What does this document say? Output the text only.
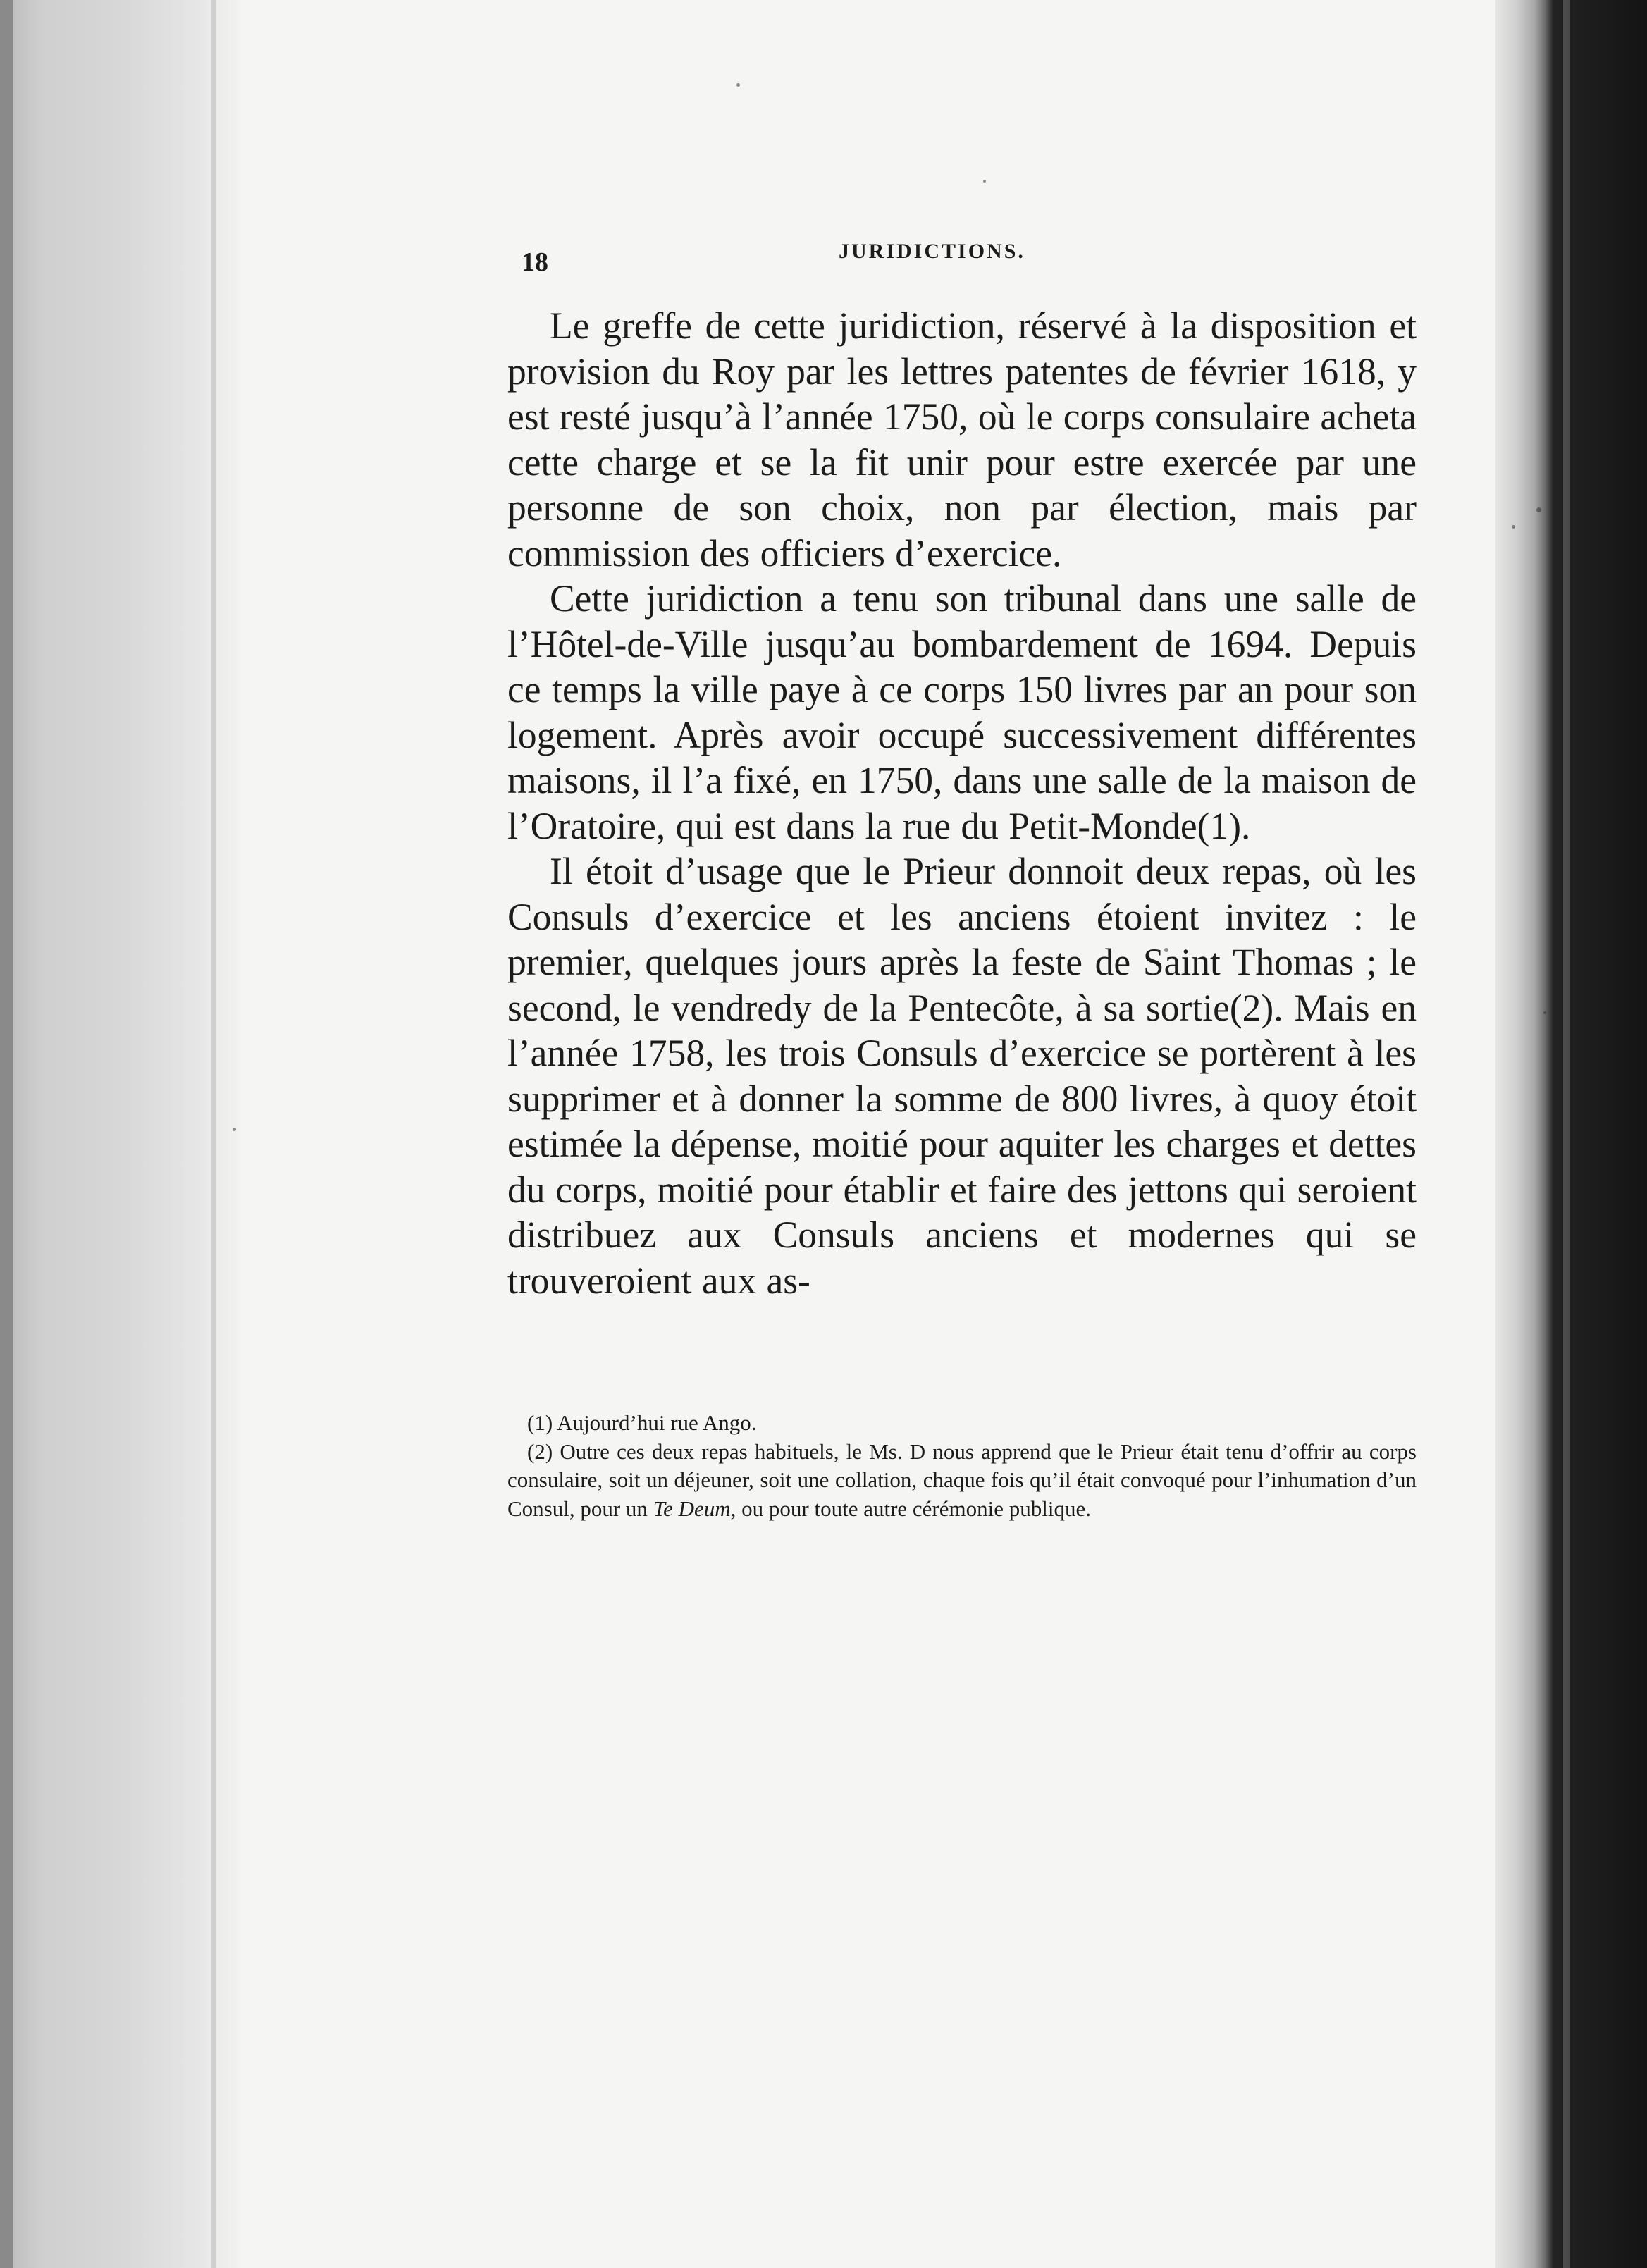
18	JURIDICTIONS.

Le greffe de cette juridiction, réservé à la disposition et provision du Roy par les lettres patentes de février 1618, y est resté jusqu’à l’année 1750, où le corps consulaire acheta cette charge et se la fit unir pour estre exercée par une personne de son choix, non par élection, mais par commission des officiers d’exercice.

Cette juridiction a tenu son tribunal dans une salle de l’Hôtel-de-Ville jusqu’au bombardement de 1694. Depuis ce temps la ville paye à ce corps 150 livres par an pour son logement. Après avoir occupé successivement différentes maisons, il l’a fixé, en 1750, dans une salle de la maison de l’Oratoire, qui est dans la rue du Petit-Monde(1).

Il étoit d’usage que le Prieur donnoit deux repas, où les Consuls d’exercice et les anciens étoient invitez : le premier, quelques jours après la feste de Saint Thomas ; le second, le vendredy de la Pentecôte, à sa sortie(2). Mais en l’année 1758, les trois Consuls d’exercice se portèrent à les supprimer et à donner la somme de 800 livres, à quoy étoit estimée la dépense, moitié pour aquiter les charges et dettes du corps, moitié pour établir et faire des jettons qui seroient distribuez aux Consuls anciens et modernes qui se trouveroient aux as-

(1) Aujourd’hui rue Ango.

(2) Outre ces deux repas habituels, le Ms. D nous apprend que le Prieur était tenu d’offrir au corps consulaire, soit un déjeuner, soit une collation, chaque fois qu’il était convoqué pour l’inhumation d’un Consul, pour un Te Deum, ou pour toute autre cérémonie publique.
